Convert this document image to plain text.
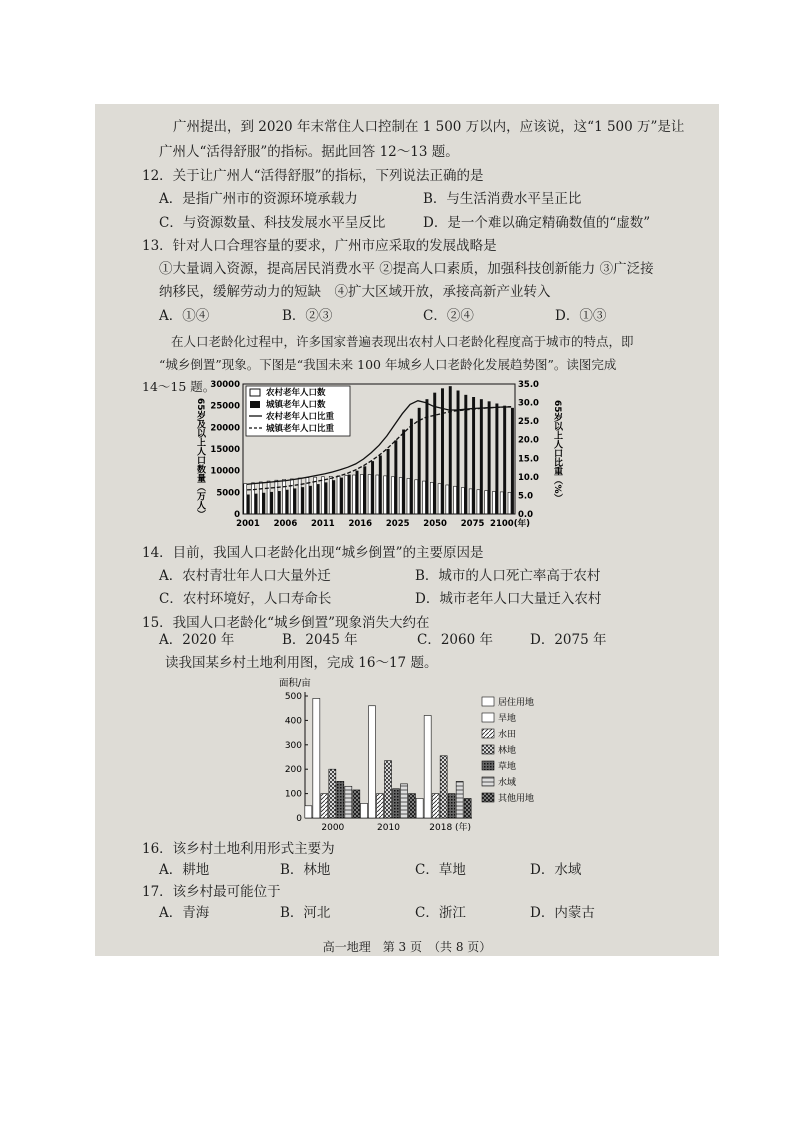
广州提出，到 2020 年末常住人口控制在 1 500 万以内，应该说，这“1 500 万”是让
广州人“活得舒服”的指标。据此回答 12～13 题。
12．关于让广州人“活得舒服”的指标，下列说法正确的是
A．是指广州市的资源环境承载力	B．与生活消费水平呈正比
C．与资源数量、科技发展水平呈反比	D．是一个难以确定精确数值的“虚数”
13．针对人口合理容量的要求，广州市应采取的发展战略是
①大量调入资源，提高居民消费水平 ②提高人口素质，加强科技创新能力 ③广泛接
纳移民，缓解劳动力的短缺　④扩大区域开放，承接高新产业转入
A．①④	B．②③	C．②④	D．①③
在人口老龄化过程中，许多国家普遍表现出农村人口老龄化程度高于城市的特点，即
“城乡倒置”现象。下图是“我国未来 100 年城乡人口老龄化发展趋势图”。读图完成
14～15 题。
0
5000
10000
15000
20000
25000
30000
0.0
5.0
10.0
15.0
20.0
25.0
30.0
35.0
65岁及以上人口数量（万人）	65岁以上人口比重（%）
2001 2006 2011 2016 2025 2050 2075 2100(年)
农村老年人口数
城镇老年人口数
农村老年人口比重
城镇老年人口比重
14．目前，我国人口老龄化出现“城乡倒置”的主要原因是
A．农村青壮年人口大量外迁	B．城市的人口死亡率高于农村
C．农村环境好，人口寿命长	D．城市老年人口大量迁入农村
15．我国人口老龄化“城乡倒置”现象消失大约在
A．2020 年	B．2045 年	C．2060 年	D．2075 年
读我国某乡村土地利用图，完成 16～17 题。
面积/亩
0
100
200
300
400
500
2000	2010	2018 (年)
居住用地
旱地
水田
林地
草地
水域
其他用地
16．该乡村土地利用形式主要为
A．耕地	B．林地	C．草地	D．水域
17．该乡村最可能位于
A．青海	B．河北	C．浙江	D．内蒙古
高一地理　第 3 页　（共 8 页）
